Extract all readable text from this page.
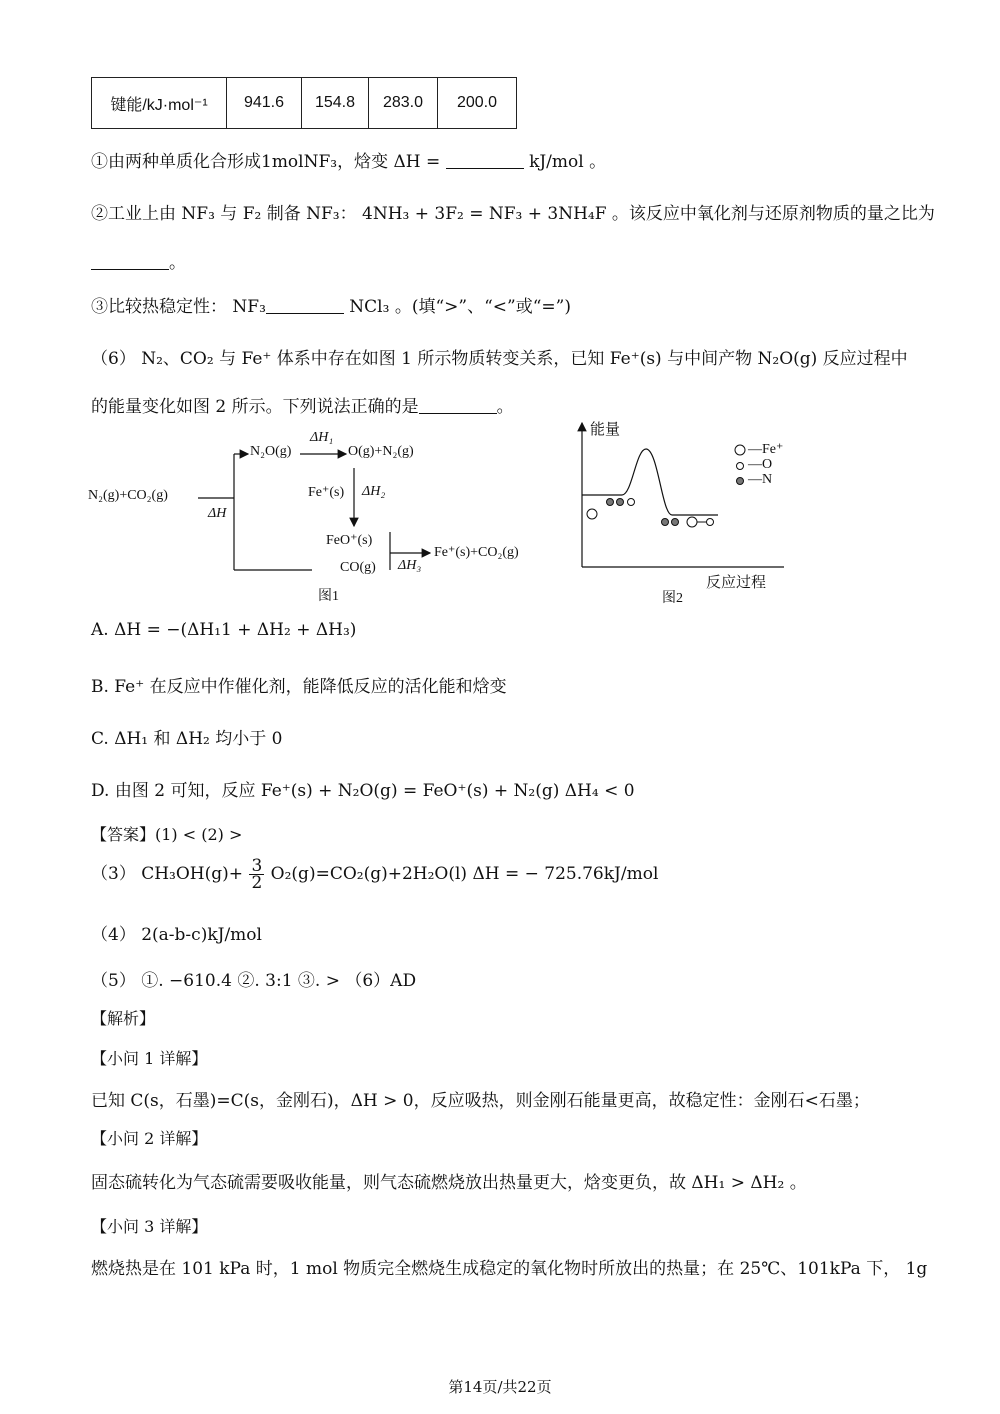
键能/kJ·mol⁻¹	941.6	154.8	283.0	200.0
①由两种单质化合形成1molNF₃，焓变 ΔH =	kJ/mol 。
②工业上由 NF₃ 与 F₂ 制备 NF₃： 4NH₃ + 3F₂ = NF₃ + 3NH₄F 。该反应中氧化剂与还原剂物质的量之比为
。
③比较热稳定性： NF₃	NCl₃ 。(填“>”、“<”或“=”)
（6） N₂、CO₂ 与 Fe⁺ 体系中存在如图 1 所示物质转变关系，已知 Fe⁺(s) 与中间产物 N₂O(g) 反应过程中
的能量变化如图 2 所示。下列说法正确的是	。
N₂(g)+CO₂(g)
ΔH
N₂O(g)
ΔH₁
O(g)+N₂(g)
Fe⁺(s) ΔH₂
FeO⁺(s)
CO(g) ΔH₃
Fe⁺(s)+CO₂(g)
图1
能量
—Fe⁺
—O
—N
反应过程
图2
A. ΔH = −(ΔH₁1 + ΔH₂ + ΔH₃)
B. Fe⁺ 在反应中作催化剂，能降低反应的活化能和焓变
C. ΔH₁ 和 ΔH₂ 均小于 0
D. 由图 2 可知，反应 Fe⁺(s) + N₂O(g) = FeO⁺(s) + N₂(g) ΔH₄ < 0
【答案】(1) < (2) >
（3） $CH_3OH(g)+ \frac{3}{2} O_2(g)=CO_2(g)+2H_2O(l) \Delta H$ = − 725.76kJ/mol
（4） 2(a-b-c)kJ/mol
（5） ①. −610.4 ②. 3:1 ③. > （6）AD
【解析】
【小问 1 详解】
已知 C(s，石墨)=C(s，金刚石)，ΔH > 0，反应吸热，则金刚石能量更高，故稳定性：金刚石<石墨；
【小问 2 详解】
固态硫转化为气态硫需要吸收能量，则气态硫燃烧放出热量更大，焓变更负，故 ΔH₁ > ΔH₂ 。
【小问 3 详解】
燃烧热是在 101 kPa 时，1 mol 物质完全燃烧生成稳定的氧化物时所放出的热量；在 25℃、101kPa 下， 1g
第14页/共22页
